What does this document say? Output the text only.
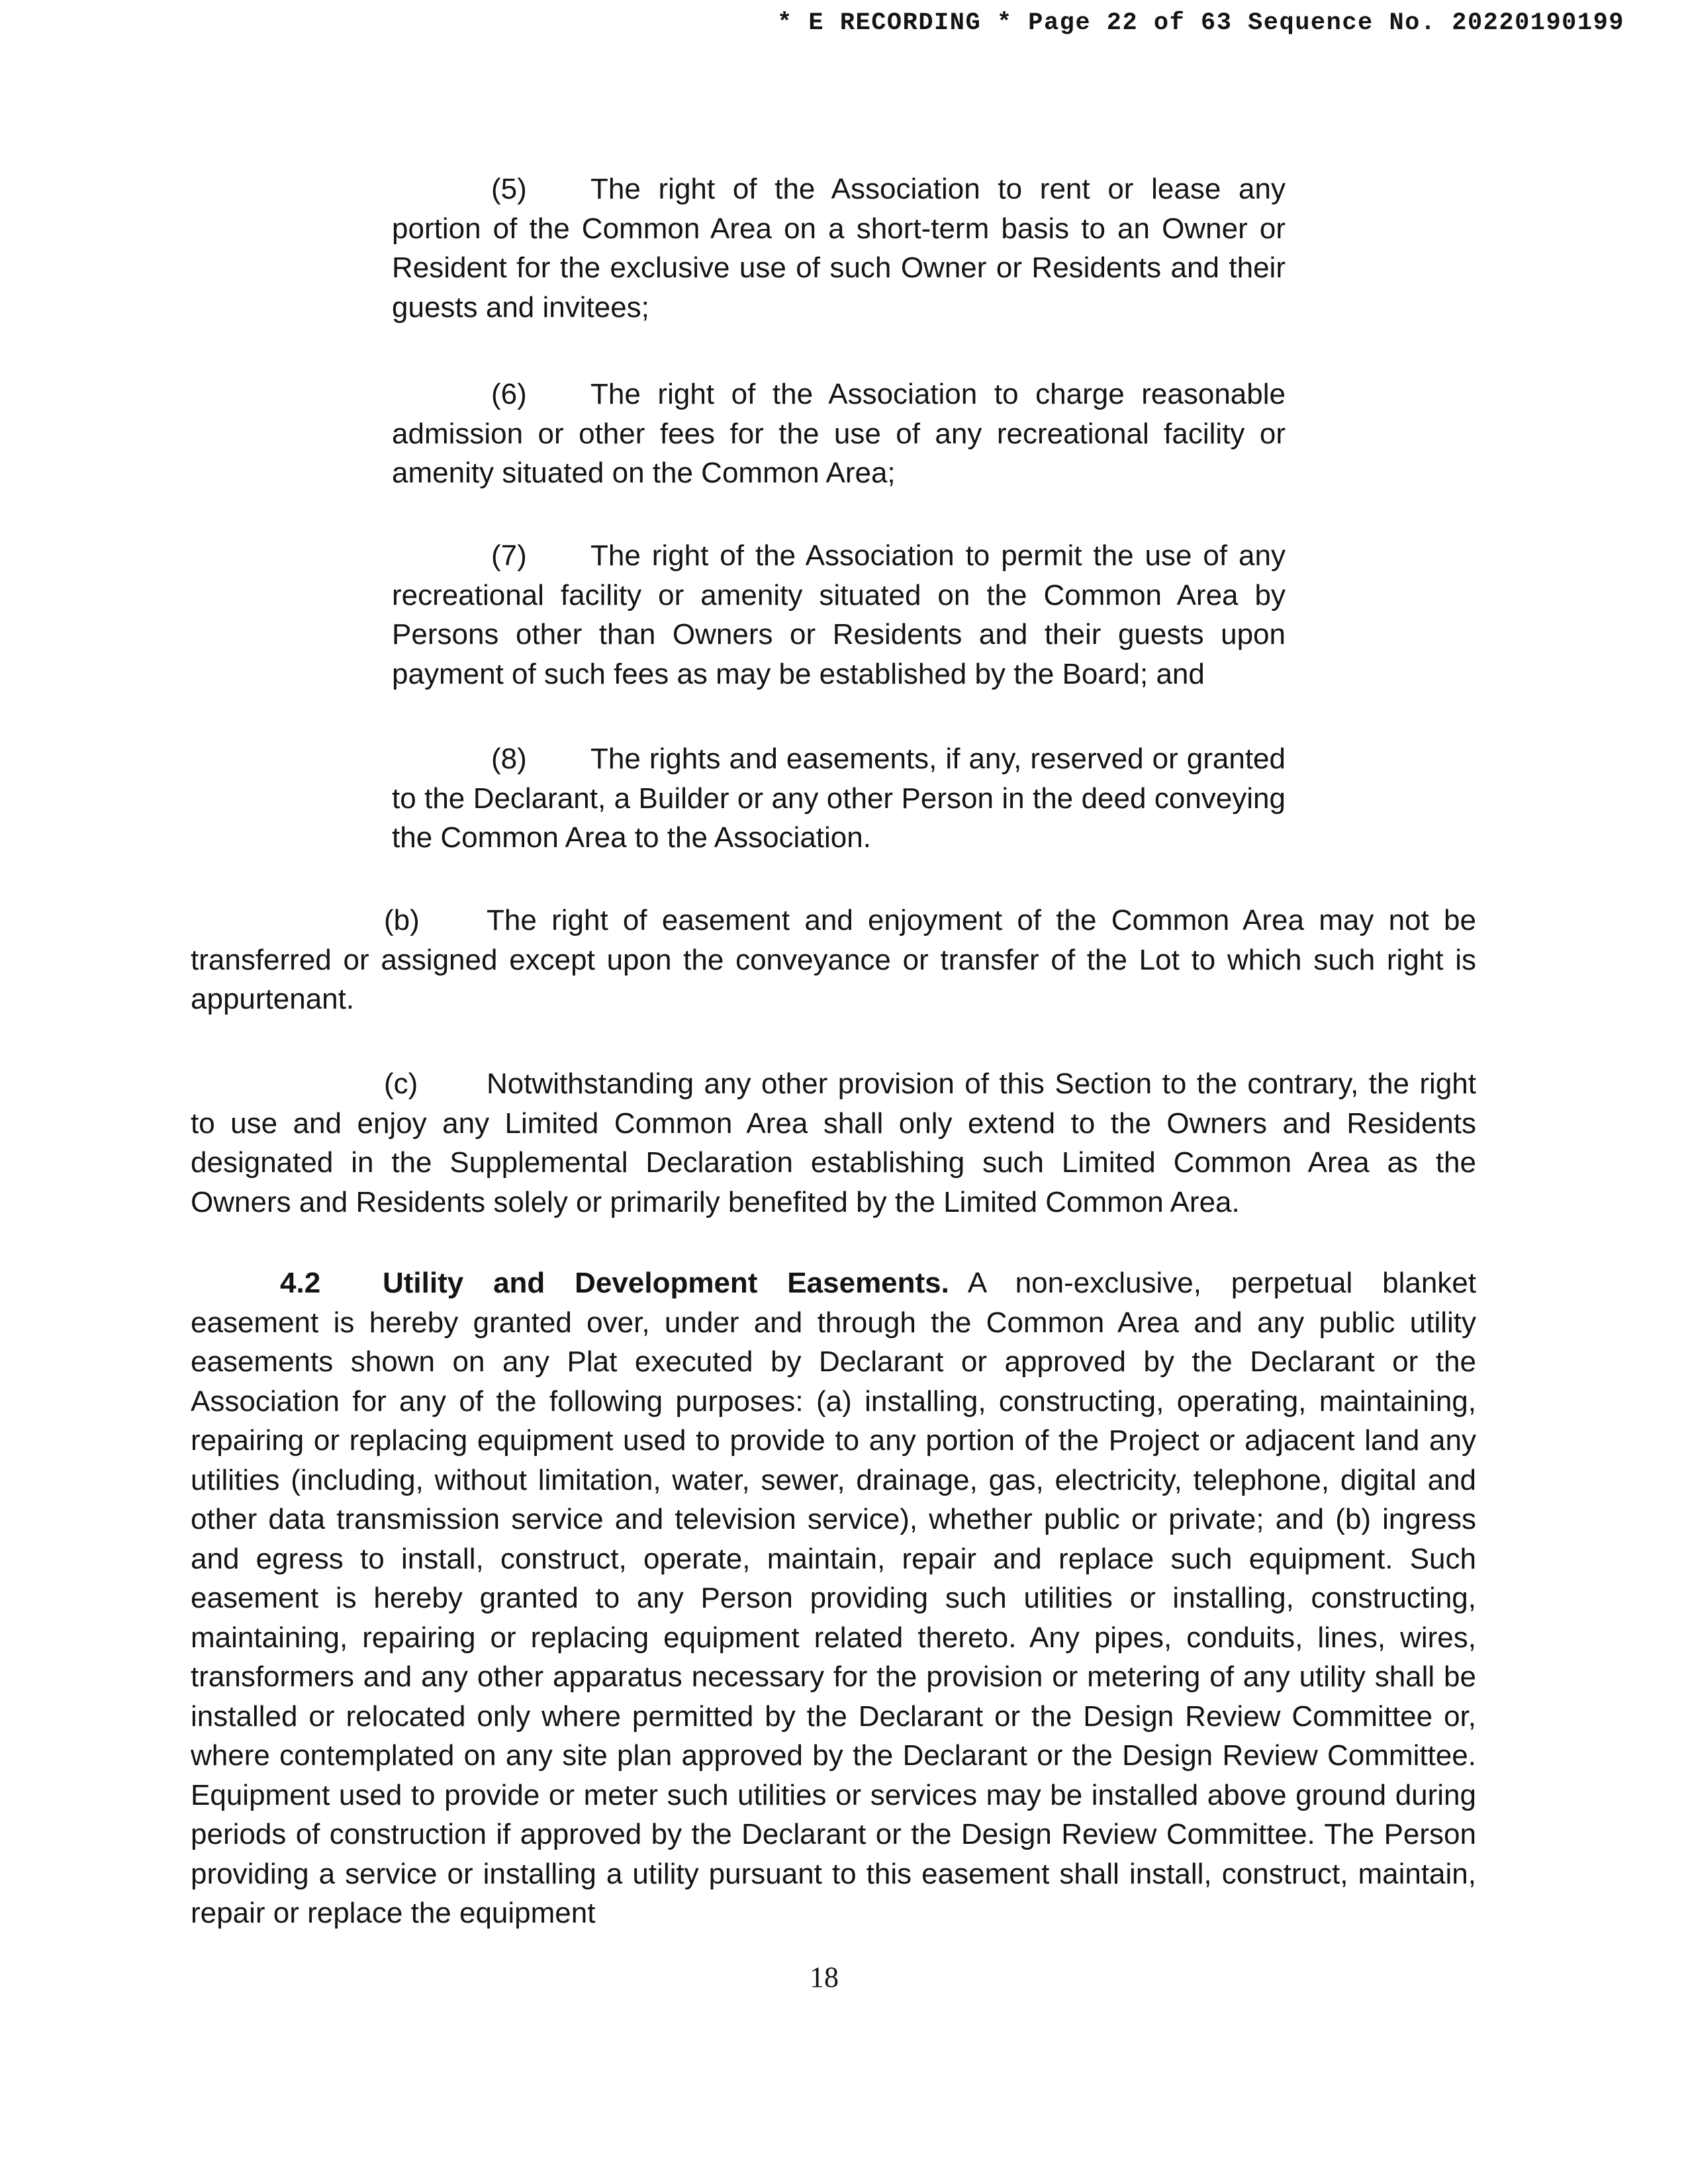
* E RECORDING * Page 22 of 63 Sequence No. 20220190199
(5) The right of the Association to rent or lease any portion of the Common Area on a short-term basis to an Owner or Resident for the exclusive use of such Owner or Residents and their guests and invitees;
(6) The right of the Association to charge reasonable admission or other fees for the use of any recreational facility or amenity situated on the Common Area;
(7) The right of the Association to permit the use of any recreational facility or amenity situated on the Common Area by Persons other than Owners or Residents and their guests upon payment of such fees as may be established by the Board; and
(8) The rights and easements, if any, reserved or granted to the Declarant, a Builder or any other Person in the deed conveying the Common Area to the Association.
(b) The right of easement and enjoyment of the Common Area may not be transferred or assigned except upon the conveyance or transfer of the Lot to which such right is appurtenant.
(c) Notwithstanding any other provision of this Section to the contrary, the right to use and enjoy any Limited Common Area shall only extend to the Owners and Residents designated in the Supplemental Declaration establishing such Limited Common Area as the Owners and Residents solely or primarily benefited by the Limited Common Area.
4.2 Utility and Development Easements. A non-exclusive, perpetual blanket easement is hereby granted over, under and through the Common Area and any public utility easements shown on any Plat executed by Declarant or approved by the Declarant or the Association for any of the following purposes: (a) installing, constructing, operating, maintaining, repairing or replacing equipment used to provide to any portion of the Project or adjacent land any utilities (including, without limitation, water, sewer, drainage, gas, electricity, telephone, digital and other data transmission service and television service), whether public or private; and (b) ingress and egress to install, construct, operate, maintain, repair and replace such equipment. Such easement is hereby granted to any Person providing such utilities or installing, constructing, maintaining, repairing or replacing equipment related thereto. Any pipes, conduits, lines, wires, transformers and any other apparatus necessary for the provision or metering of any utility shall be installed or relocated only where permitted by the Declarant or the Design Review Committee or, where contemplated on any site plan approved by the Declarant or the Design Review Committee. Equipment used to provide or meter such utilities or services may be installed above ground during periods of construction if approved by the Declarant or the Design Review Committee. The Person providing a service or installing a utility pursuant to this easement shall install, construct, maintain, repair or replace the equipment
18
